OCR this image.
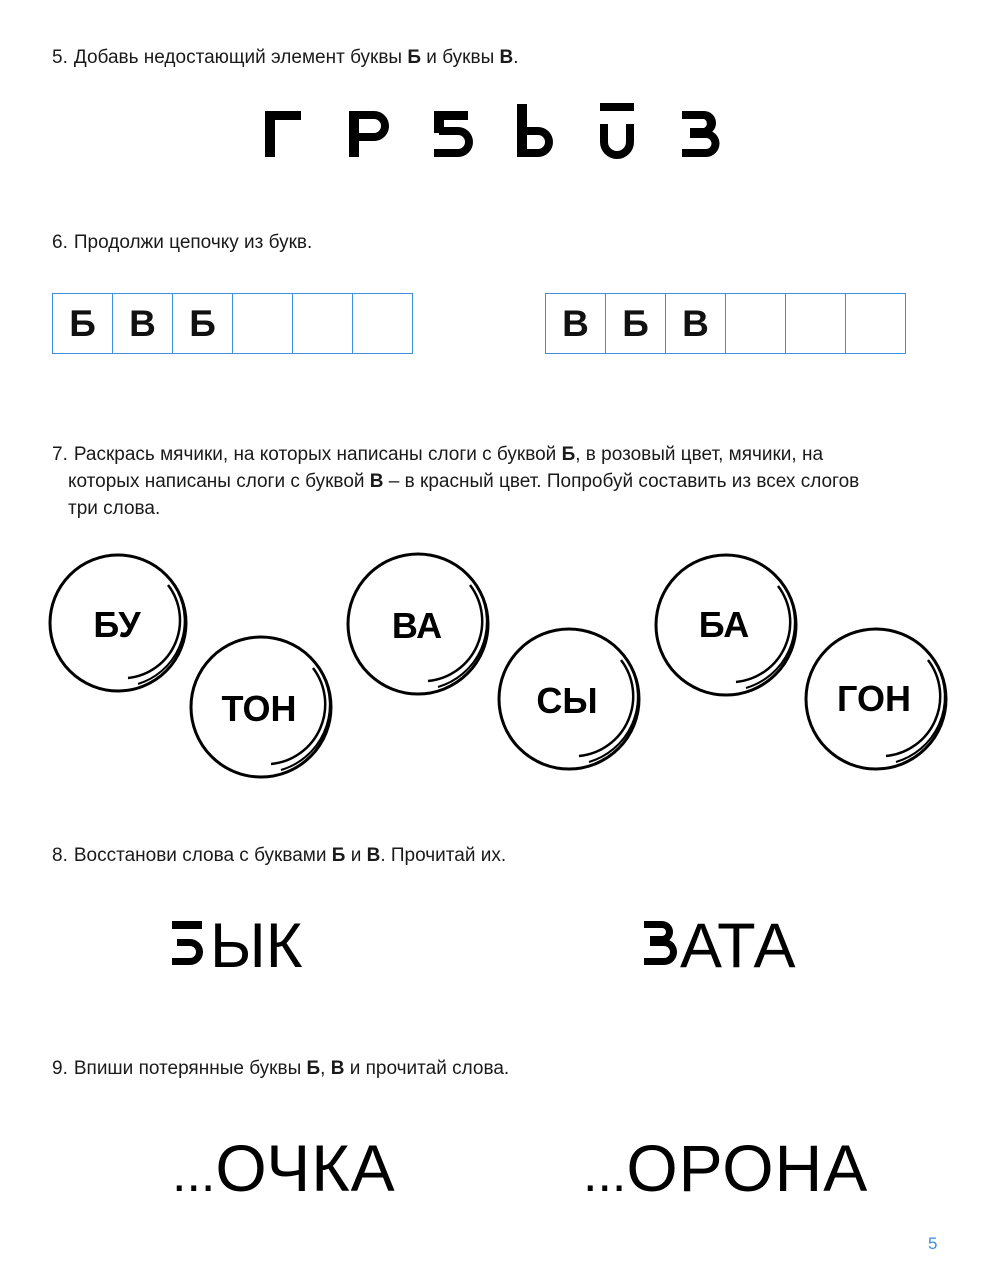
5. Добавь недостающий элемент буквы Б и буквы В.

6. Продолжи цепочку из букв.

Б В Б	В Б В

7. Раскрась мячики, на которых написаны слоги с буквой Б, в розовый цвет, мячики, на
которых написаны слоги с буквой В – в красный цвет. Попробуй составить из всех слогов
три слова.

БУ
ТОН
ВА
СЫ
БА
ГОН

8. Восстанови слова с буквами Б и В. Прочитай их.

ЫК	АТА

9. Впиши потерянные буквы Б, В и прочитай слова.

...ОЧКА	...ОРОНА
5
